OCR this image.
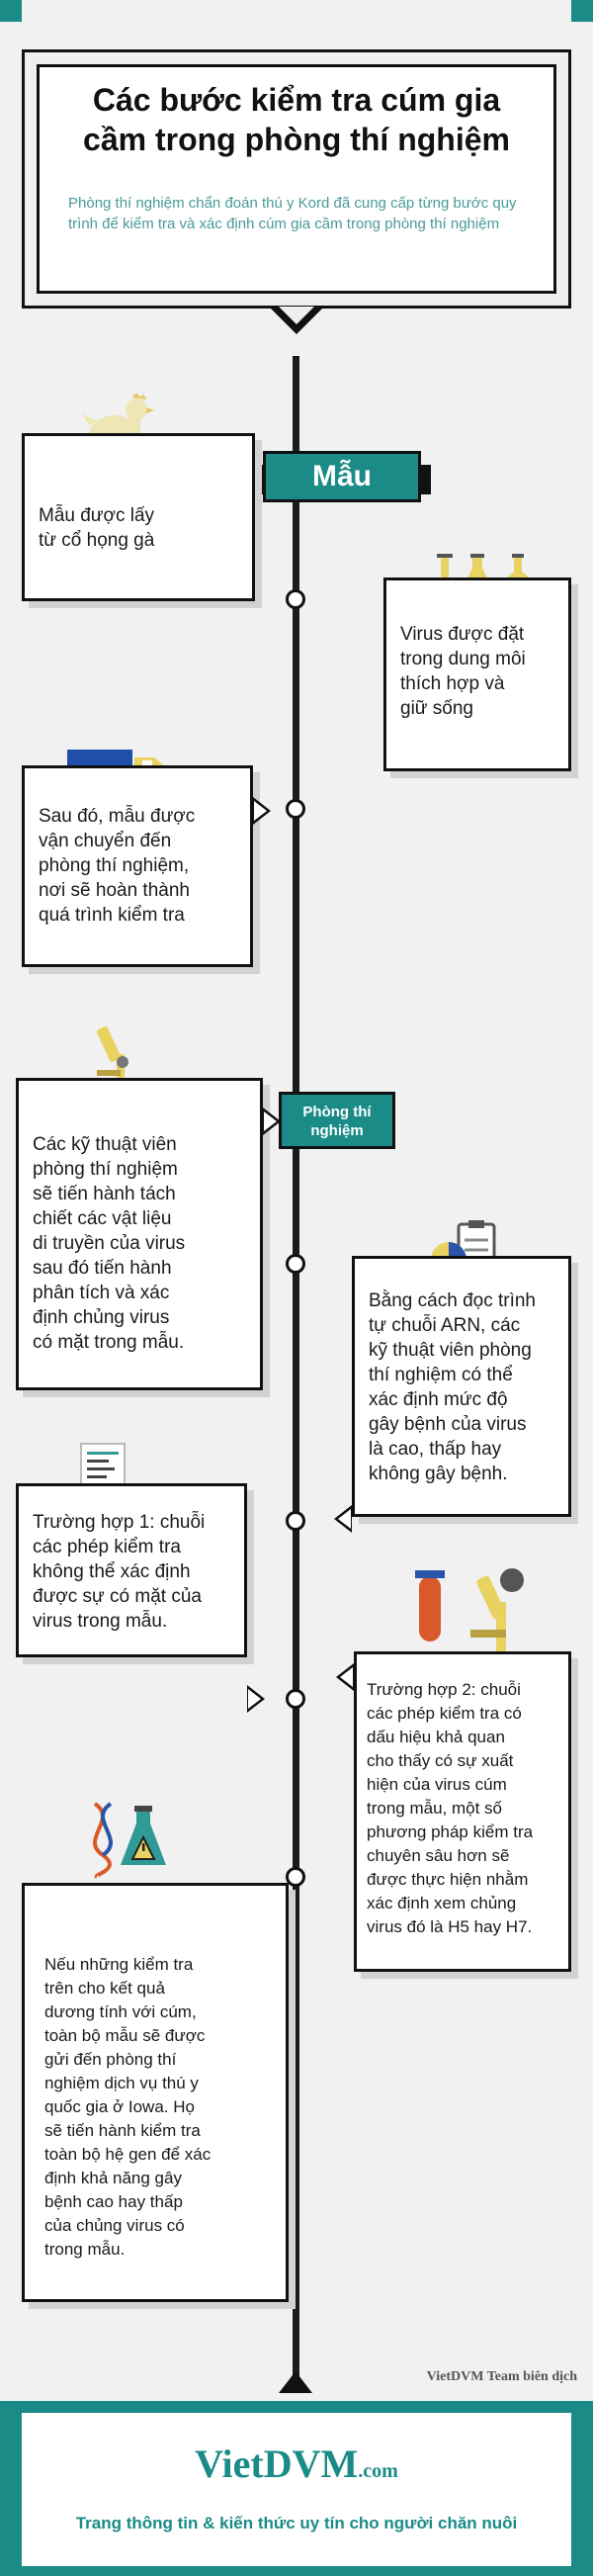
Các bước kiểm tra cúm gia
cầm trong phòng thí nghiệm
Phòng thí nghiệm chẩn đoán thú y Kord đã cung cấp từng bước quy trình để kiểm tra và xác định cúm gia cầm trong phòng thí nghiệm
Mẫu
Phòng thí
nghiệm
Mẫu được lấy
từ cổ họng gà
Virus được đặt
trong dung môi
thích hợp và
giữ sống
Sau đó, mẫu được
vận chuyển đến
phòng thí nghiệm,
nơi sẽ hoàn thành
quá trình kiểm tra
Các kỹ thuật viên
phòng thí nghiệm
sẽ tiến hành tách
chiết các vật liệu
di truyền của virus
sau đó tiến hành
phân tích và xác
định chủng virus
có mặt trong mẫu.
Bằng cách đọc trình
tự chuỗi ARN, các
kỹ thuật viên phòng
thí nghiệm có thể
xác định mức độ
gây bệnh của virus
là cao, thấp hay
không gây bệnh.
Trường hợp 1: chuỗi
các phép kiểm tra
không thể xác định
được sự có mặt của
virus trong mẫu.
Trường hợp 2: chuỗi
các phép kiểm tra có
dấu hiệu khả quan
cho thấy có sự xuất
hiện của virus cúm
trong mẫu, một số
phương pháp kiểm tra
chuyên sâu hơn sẽ
được thực hiện nhằm
xác định xem chủng
virus đó là H5 hay H7.
Nếu những kiểm tra
trên cho kết quả
dương tính với cúm,
toàn bộ mẫu sẽ được
gửi đến phòng thí
nghiệm dịch vụ thú y
quốc gia ở Iowa. Họ
sẽ tiến hành kiểm tra
toàn bộ hệ gen để xác
định khả năng gây
bệnh cao hay thấp
của chủng virus có
trong mẫu.
VietDVM Team biên dịch
VietDVM.com
Trang thông tin & kiến thức uy tín cho người chăn nuôi
